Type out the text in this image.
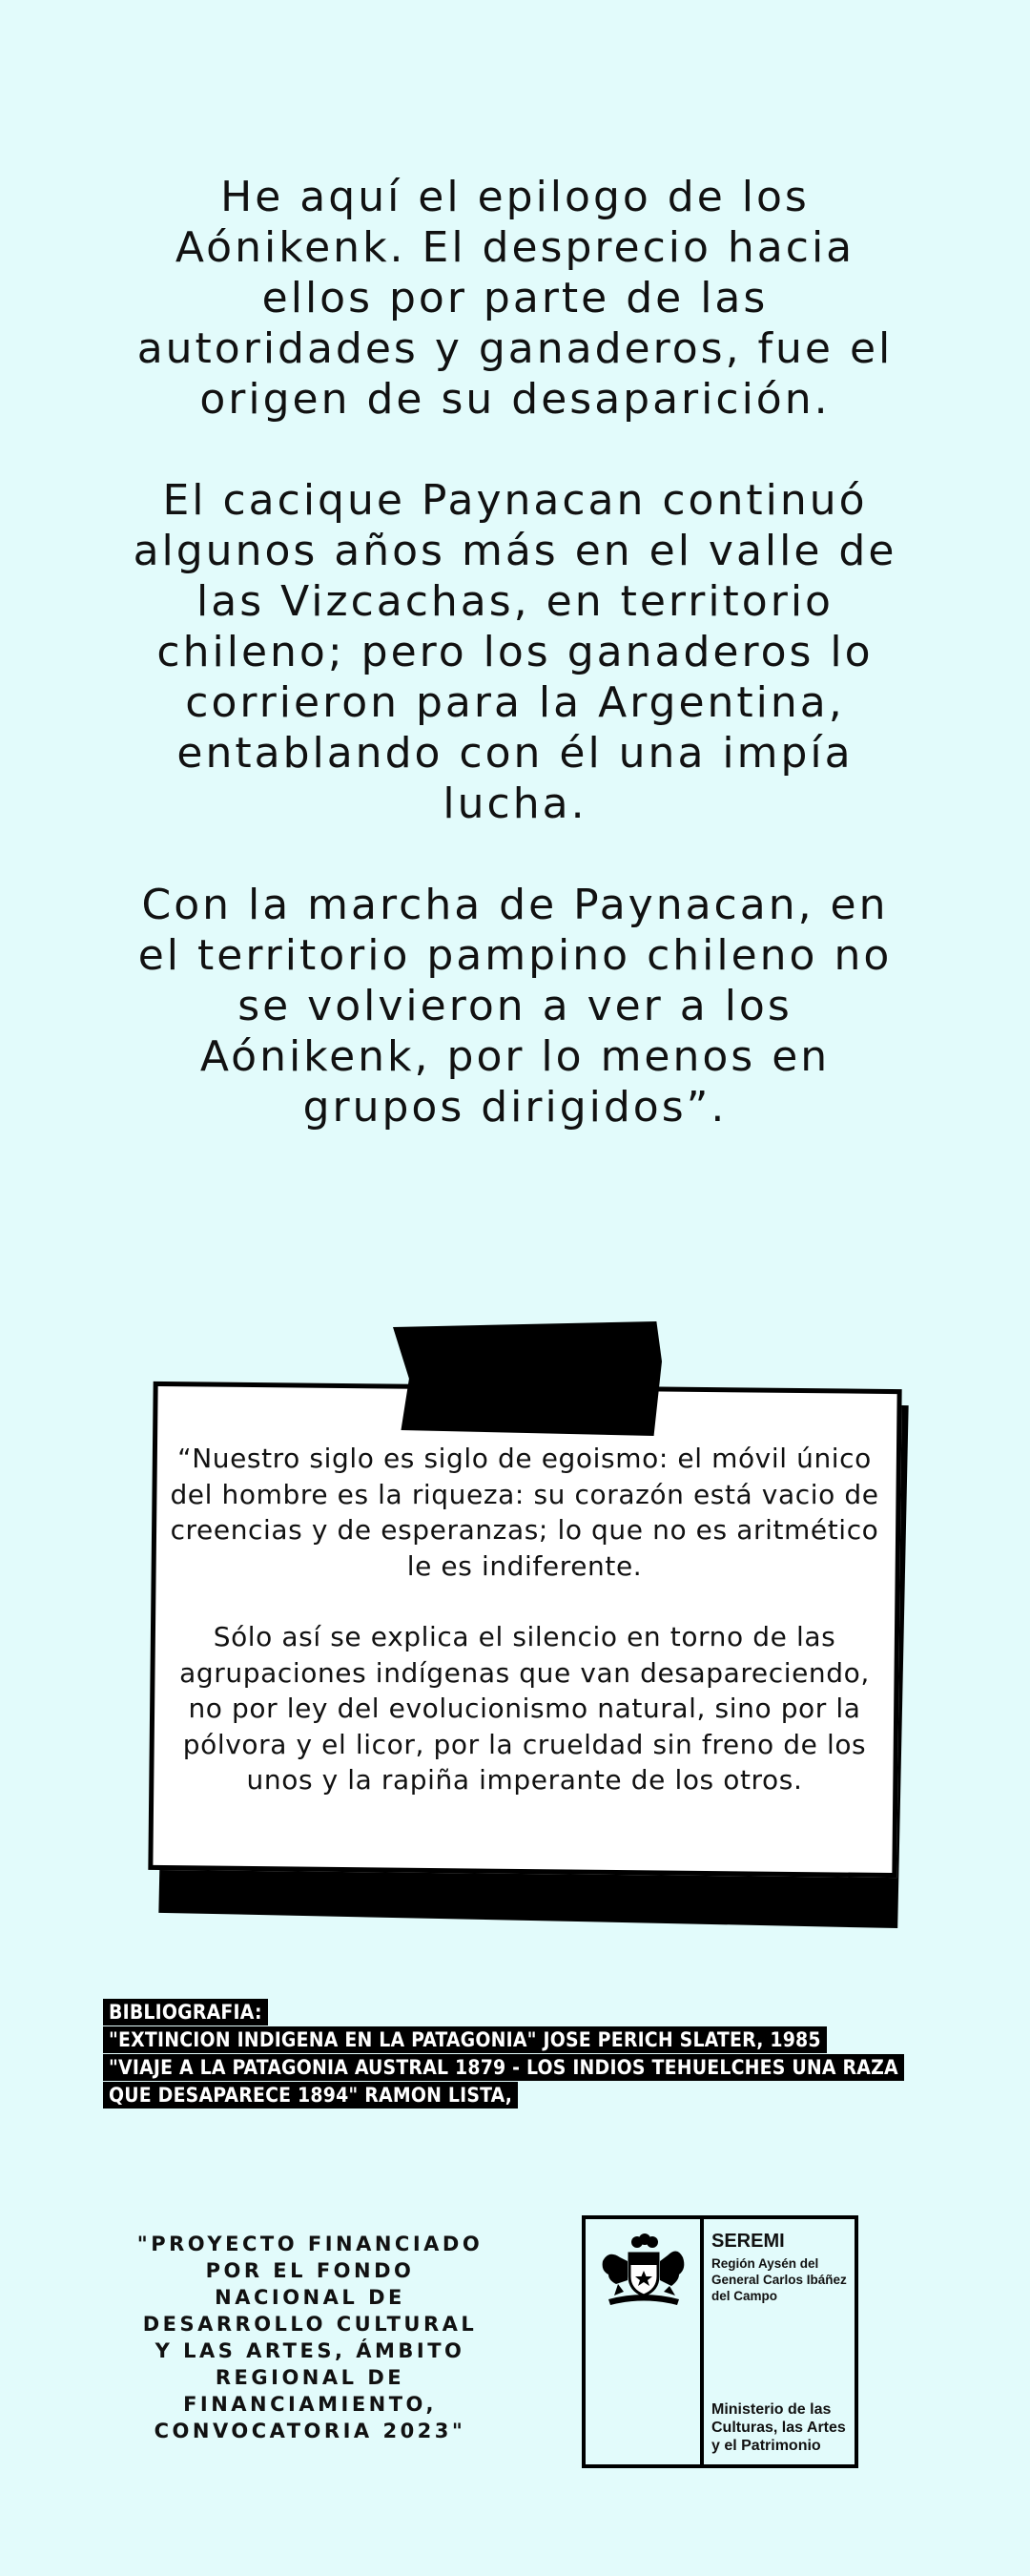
He aquí el epilogo de los Aónikenk. El desprecio hacia ellos por parte de las autoridades y ganaderos, fue el origen de su desaparición.

El cacique Paynacan continuó algunos años más en el valle de las Vizcachas, en territorio chileno; pero los ganaderos lo corrieron para la Argentina, entablando con él una impía lucha.

Con la marcha de Paynacan, en el territorio pampino chileno no se volvieron a ver a los Aónikenk, por lo menos en grupos dirigidos”.

“Nuestro siglo es siglo de egoismo: el móvil único del hombre es la riqueza: su corazón está vacio de creencias y de esperanzas; lo que no es aritmético le es indiferente.

Sólo así se explica el silencio en torno de las agrupaciones indígenas que van desapareciendo, no por ley del evolucionismo natural, sino por la pólvora y el licor, por la crueldad sin freno de los unos y la rapiña imperante de los otros.

BIBLIOGRAFIA:
"EXTINCION INDIGENA EN LA PATAGONIA" JOSE PERICH SLATER, 1985
"VIAJE A LA PATAGONIA AUSTRAL 1879 - LOS INDIOS TEHUELCHES UNA RAZA QUE DESAPARECE 1894" RAMON LISTA,
"PROYECTO FINANCIADO POR EL FONDO NACIONAL DE DESARROLLO CULTURAL Y LAS ARTES, ÁMBITO REGIONAL DE FINANCIAMIENTO, CONVOCATORIA 2023"
SEREMI
Región Aysén del General Carlos Ibáñez del Campo
Ministerio de las Culturas, las Artes y el Patrimonio
